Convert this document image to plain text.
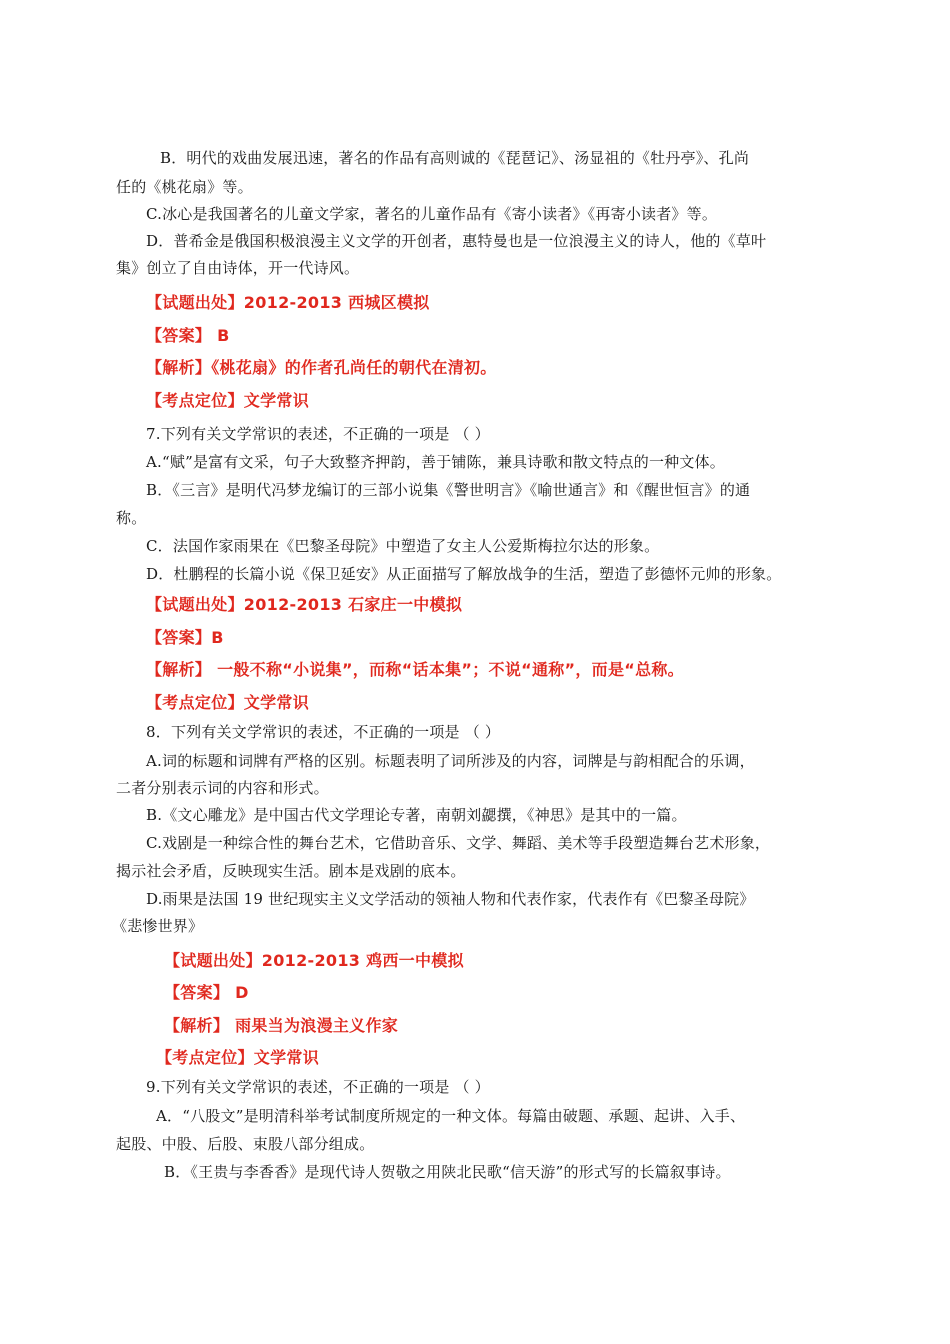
B．明代的戏曲发展迅速，著名的作品有高则诚的《琵琶记》、汤显祖的《牡丹亭》、孔尚

任的《桃花扇》等。

C.冰心是我国著名的儿童文学家，著名的儿童作品有《寄小读者》《再寄小读者》等。

D．普希金是俄国积极浪漫主义文学的开创者，惠特曼也是一位浪漫主义的诗人，他的《草叶

集》创立了自由诗体，开一代诗风。

【试题出处】2012-2013 西城区模拟

【答案】 B

【解析】《桃花扇》的作者孔尚任的朝代在清初。

【考点定位】文学常识

7.下列有关文学常识的表述，不正确的一项是 （ ）

A.“赋”是富有文采，句子大致整齐押韵，善于铺陈，兼具诗歌和散文特点的一种文体。

B．《三言》是明代冯梦龙编订的三部小说集《警世明言》《喻世通言》和《醒世恒言》的通

称。

C．法国作家雨果在《巴黎圣母院》中塑造了女主人公爱斯梅拉尔达的形象。

D．杜鹏程的长篇小说《保卫延安》从正面描写了解放战争的生活，塑造了彭德怀元帅的形象。

【试题出处】2012-2013 石家庄一中模拟

【答案】B

【解析】 一般不称“小说集”，而称“话本集”；不说“通称”，而是“总称。

【考点定位】文学常识

8．下列有关文学常识的表述，不正确的一项是 （ ）

A.词的标题和词牌有严格的区别。标题表明了词所涉及的内容，词牌是与韵相配合的乐调，

二者分别表示词的内容和形式。

B.《文心雕龙》是中国古代文学理论专著，南朝刘勰撰，《神思》是其中的一篇。

C.戏剧是一种综合性的舞台艺术，它借助音乐、文学、舞蹈、美术等手段塑造舞台艺术形象，

揭示社会矛盾，反映现实生活。剧本是戏剧的底本。

D.雨果是法国 19 世纪现实主义文学活动的领袖人物和代表作家，代表作有《巴黎圣母院》

《悲惨世界》

【试题出处】2012-2013 鸡西一中模拟

【答案】 D

【解析】 雨果当为浪漫主义作家

【考点定位】文学常识

9.下列有关文学常识的表述，不正确的一项是 （ ）

A．“八股文”是明清科举考试制度所规定的一种文体。每篇由破题、承题、起讲、入手、

起股、中股、后股、束股八部分组成。

B．《王贵与李香香》是现代诗人贺敬之用陕北民歌“信天游”的形式写的长篇叙事诗。
